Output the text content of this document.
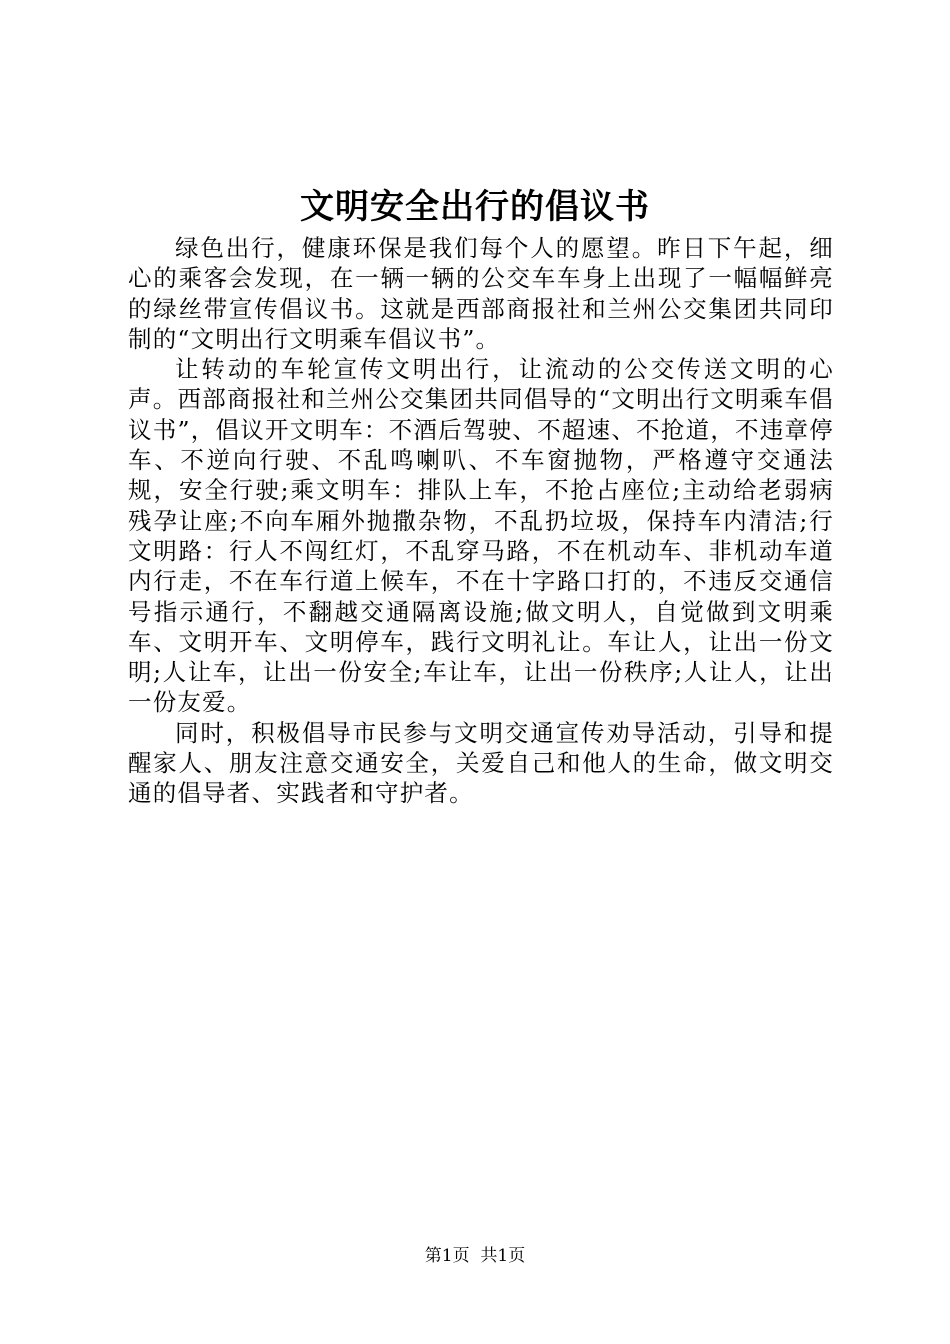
文明安全出行的倡议书

绿色出行，健康环保是我们每个人的愿望。昨日下午起，细心的乘客会发现，在一辆一辆的公交车车身上出现了一幅幅鲜亮的绿丝带宣传倡议书。这就是西部商报社和兰州公交集团共同印制的“文明出行文明乘车倡议书”。

让转动的车轮宣传文明出行，让流动的公交传送文明的心声。西部商报社和兰州公交集团共同倡导的“文明出行文明乘车倡议书”，倡议开文明车：不酒后驾驶、不超速、不抢道，不违章停车、不逆向行驶、不乱鸣喇叭、不车窗抛物，严格遵守交通法规，安全行驶;乘文明车：排队上车，不抢占座位;主动给老弱病残孕让座;不向车厢外抛撒杂物，不乱扔垃圾，保持车内清洁;行文明路：行人不闯红灯，不乱穿马路，不在机动车、非机动车道内行走，不在车行道上候车，不在十字路口打的，不违反交通信号指示通行，不翻越交通隔离设施;做文明人，自觉做到文明乘车、文明开车、文明停车，践行文明礼让。车让人，让出一份文明;人让车，让出一份安全;车让车，让出一份秩序;人让人，让出一份友爱。

同时，积极倡导市民参与文明交通宣传劝导活动，引导和提醒家人、朋友注意交通安全，关爱自己和他人的生命，做文明交通的倡导者、实践者和守护者。

第1页  共1页
